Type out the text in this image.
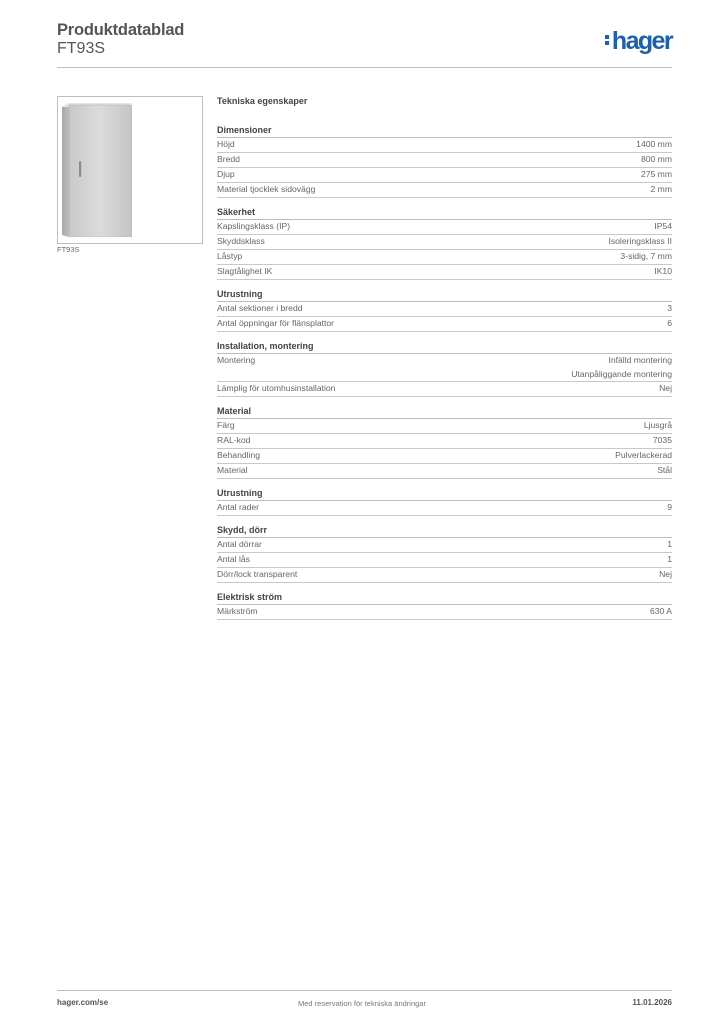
Produktdatablad
FT93S	hager
FT93S
Tekniska egenskaper
Dimensioner
Höjd	1400 mm
Bredd	800 mm
Djup	275 mm
Material tjocklek sidovägg	2 mm
Säkerhet
Kapslingsklass (IP)	IP54
Skyddsklass	Isoleringsklass II
Låstyp	3-sidig, 7 mm
Slagtålighet IK	IK10
Utrustning
Antal sektioner i bredd	3
Antal öppningar för flänsplattor	6
Installation, montering
Montering	Infälld montering
Utanpåliggande montering
Lämplig för utomhusinstallation	Nej
Material
Färg	Ljusgrå
RAL-kod	7035
Behandling	Pulverlackerad
Material	Stål
Utrustning
Antal rader	9
Skydd, dörr
Antal dörrar	1
Antal lås	1
Dörr/lock transparent	Nej
Elektrisk ström
Märkström	630 A
hager.com/se	Med reservation för tekniska ändringar	11.01.2026
